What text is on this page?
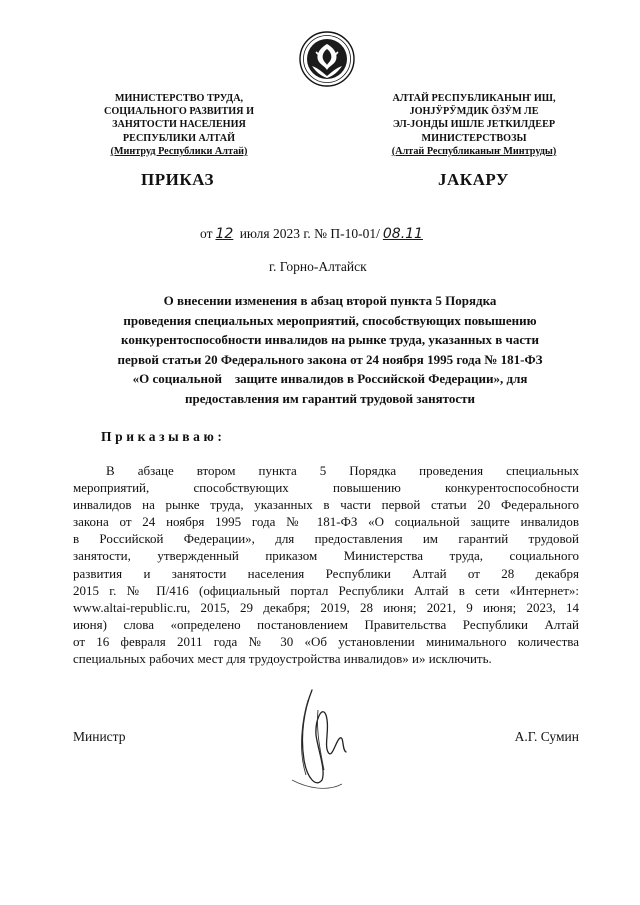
МИНИСТЕРСТВО ТРУДА,
СОЦИАЛЬНОГО РАЗВИТИЯ И
ЗАНЯТОСТИ НАСЕЛЕНИЯ
РЕСПУБЛИКИ АЛТАЙ
(Минтруд Республики Алтай)
АЛТАЙ РЕСПУБЛИКАНЫҤ ИШ,
ЈОНЈӰРӰМДИК ӦЗӰМ ЛЕ
ЭЛ-ЈОНДЫ ИШЛЕ ЈЕТКИЛДЕЕР
МИНИСТЕРСТВОЗЫ
(Алтай Республиканыҥ Минтруды)
ПРИКАЗ	ЈАКАРУ
от 12 июля 2023 г. № П-10-01/ 08.11
г. Горно-Алтайск
О внесении изменения в абзац второй пункта 5 Порядка
проведения специальных мероприятий, способствующих повышению
конкурентоспособности инвалидов на рынке труда, указанных в части
первой статьи 20 Федерального закона от 24 ноября 1995 года № 181-ФЗ
«О социальной    защите инвалидов в Российской Федерации», для
предоставления им гарантий трудовой занятости
Приказываю:
В абзаце втором пункта 5 Порядка проведения специальных
мероприятий, способствующих повышению конкурентоспособности
инвалидов на рынке труда, указанных в части первой статьи 20 Федерального
закона от 24 ноября 1995 года № 181-ФЗ «О социальной защите инвалидов
в Российской Федерации», для предоставления им гарантий трудовой
занятости, утвержденный приказом Министерства труда, социального
развития и занятости населения Республики Алтай от 28 декабря
2015 г. № П/416 (официальный портал Республики Алтай в сети «Интернет»:
www.altai-republic.ru, 2015, 29 декабря; 2019, 28 июня; 2021, 9 июня; 2023, 14
июня) слова «определено постановлением Правительства Республики Алтай
от 16 февраля 2011 года № 30 «Об установлении минимального количества
специальных рабочих мест для трудоустройства инвалидов» и» исключить.
Министр	А.Г. Сумин
